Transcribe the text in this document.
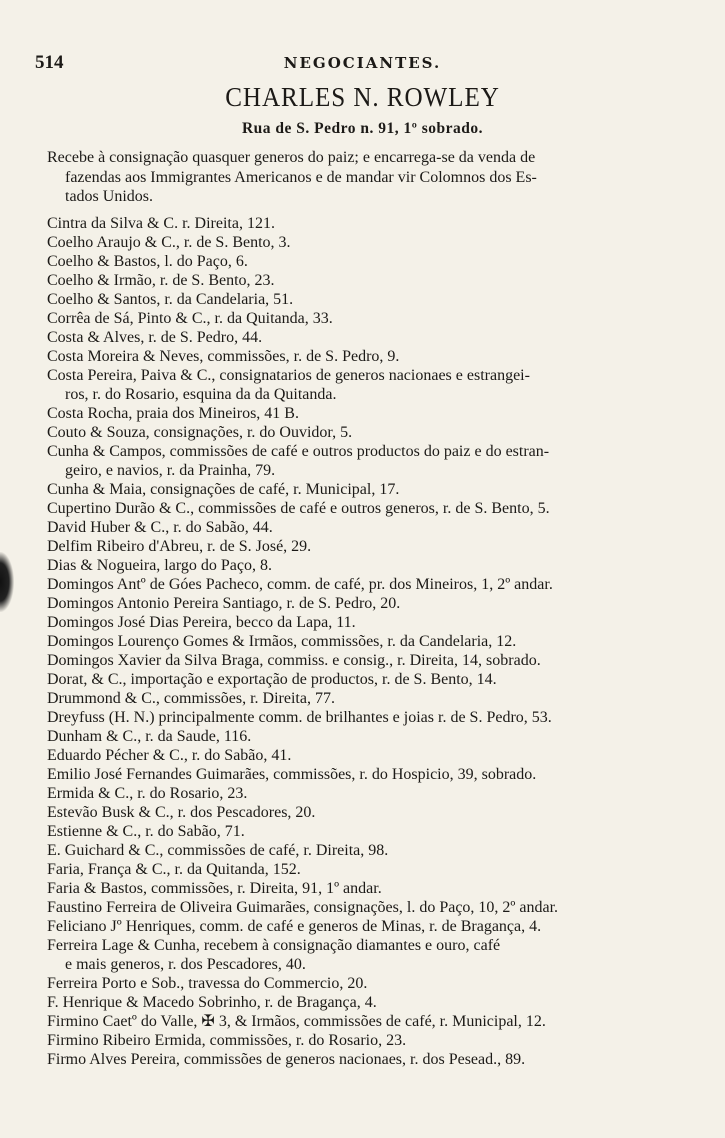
514	NEGOCIANTES.
CHARLES N. ROWLEY
Rua de S. Pedro n. 91, 1º sobrado.
Recebe à consignação quasquer generos do paiz; e encarrega-se da venda de
fazendas aos Immigrantes Americanos e de mandar vir Colomnos dos Es-
tados Unidos.
Cintra da Silva & C. r. Direita, 121.
Coelho Araujo & C., r. de S. Bento, 3.
Coelho & Bastos, l. do Paço, 6.
Coelho & Irmão, r. de S. Bento, 23.
Coelho & Santos, r. da Candelaria, 51.
Corrêa de Sá, Pinto & C., r. da Quitanda, 33.
Costa & Alves, r. de S. Pedro, 44.
Costa Moreira & Neves, commissões, r. de S. Pedro, 9.
Costa Pereira, Paiva & C., consignatarios de generos nacionaes e estrangei-
ros, r. do Rosario, esquina da da Quitanda.
Costa Rocha, praia dos Mineiros, 41 B.
Couto & Souza, consignações, r. do Ouvidor, 5.
Cunha & Campos, commissões de café e outros productos do paiz e do estran-
geiro, e navios, r. da Prainha, 79.
Cunha & Maia, consignações de café, r. Municipal, 17.
Cupertino Durão & C., commissões de café e outros generos, r. de S. Bento, 5.
David Huber & C., r. do Sabão, 44.
Delfim Ribeiro d'Abreu, r. de S. José, 29.
Dias & Nogueira, largo do Paço, 8.
Domingos Antº de Góes Pacheco, comm. de café, pr. dos Mineiros, 1, 2º andar.
Domingos Antonio Pereira Santiago, r. de S. Pedro, 20.
Domingos José Dias Pereira, becco da Lapa, 11.
Domingos Lourenço Gomes & Irmãos, commissões, r. da Candelaria, 12.
Domingos Xavier da Silva Braga, commiss. e consig., r. Direita, 14, sobrado.
Dorat, & C., importação e exportação de productos, r. de S. Bento, 14.
Drummond & C., commissões, r. Direita, 77.
Dreyfuss (H. N.) principalmente comm. de brilhantes e joias r. de S. Pedro, 53.
Dunham & C., r. da Saude, 116.
Eduardo Pécher & C., r. do Sabão, 41.
Emilio José Fernandes Guimarães, commissões, r. do Hospicio, 39, sobrado.
Ermida & C., r. do Rosario, 23.
Estevão Busk & C., r. dos Pescadores, 20.
Estienne & C., r. do Sabão, 71.
E. Guichard & C., commissões de café, r. Direita, 98.
Faria, França & C., r. da Quitanda, 152.
Faria & Bastos, commissões, r. Direita, 91, 1º andar.
Faustino Ferreira de Oliveira Guimarães, consignações, l. do Paço, 10, 2º andar.
Feliciano Jº Henriques, comm. de café e generos de Minas, r. de Bragança, 4.
Ferreira Lage & Cunha, recebem à consignação diamantes e ouro, café
e mais generos, r. dos Pescadores, 40.
Ferreira Porto e Sob., travessa do Commercio, 20.
F. Henrique & Macedo Sobrinho, r. de Bragança, 4.
Firmino Caetº do Valle, ✠ 3, & Irmãos, commissões de café, r. Municipal, 12.
Firmino Ribeiro Ermida, commissões, r. do Rosario, 23.
Firmo Alves Pereira, commissões de generos nacionaes, r. dos Pesead., 89.
